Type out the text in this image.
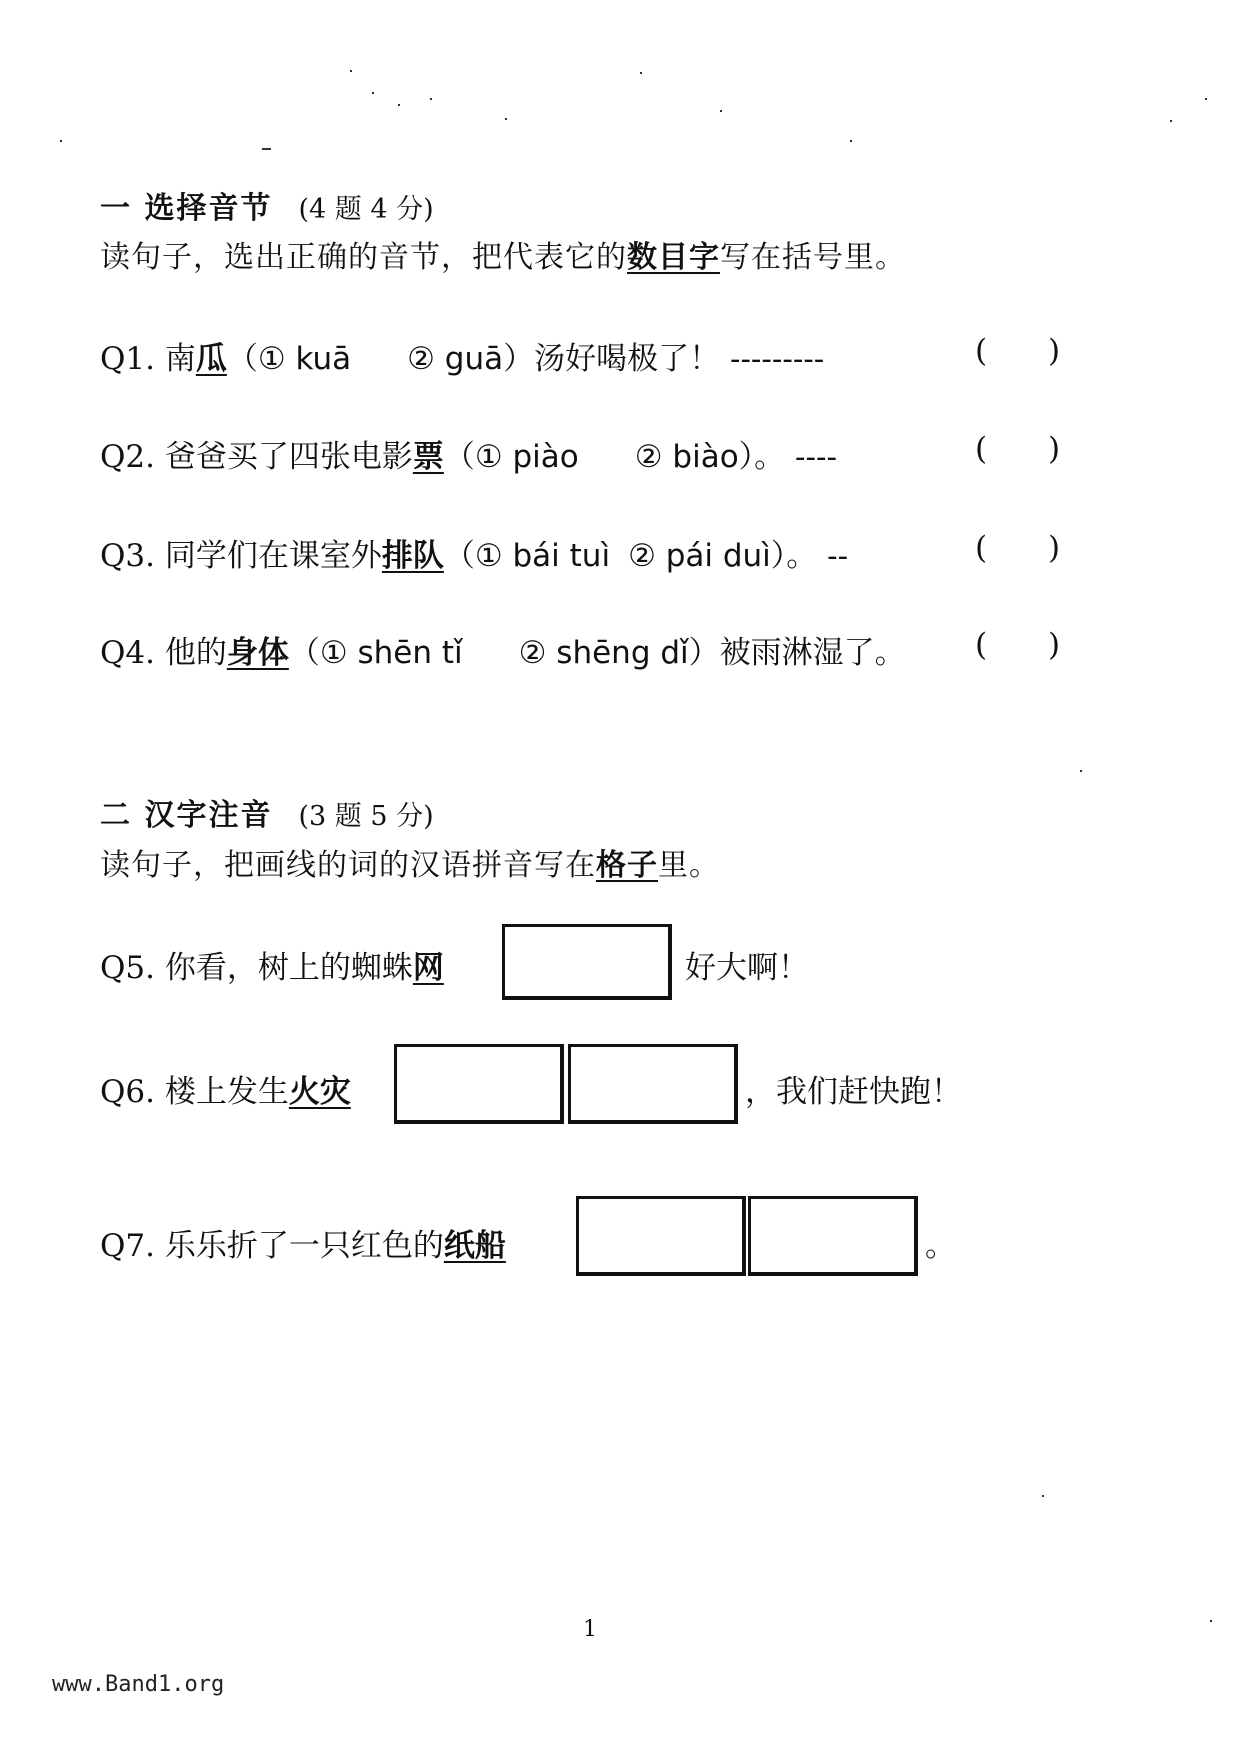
一 选择音节 (4 题 4 分)
读句子，选出正确的音节，把代表它的数目字写在括号里。
Q1. 南瓜（① kuā ② guā）汤好喝极了！ ---------	( )
Q2. 爸爸买了四张电影票（① piào ② biào）。 ----	( )
Q3. 同学们在课室外排队（① bái tuì ② pái duì）。 --	( )
Q4. 他的身体（① shēn tǐ ② shēng dǐ）被雨淋湿了。 ( )
二 汉字注音 (3 题 5 分)
读句子，把画线的词的汉语拼音写在格子里。
Q5. 你看，树上的蜘蛛网	好大啊！
Q6. 楼上发生火灾	，我们赶快跑！
Q7. 乐乐折了一只红色的纸船	。
1
www.Band1.org
